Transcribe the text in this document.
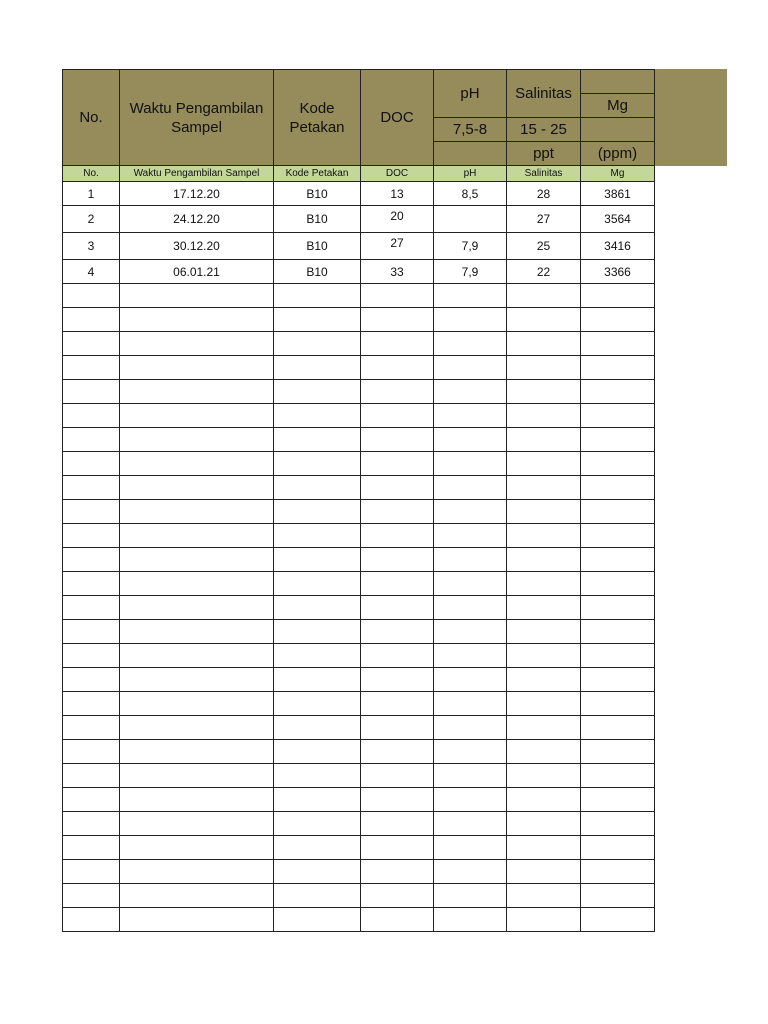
No.	Waktu Pengambilan Sampel	Kode Petakan	DOC	pH	Salinitas	
						Mg
				7,5-8	15 - 25	
					ppt	(ppm)
No.	Waktu Pengambilan Sampel	Kode Petakan	DOC	pH	Salinitas	Mg
1	17.12.20	B10	13	8,5	28	3861
2	24.12.20	B10	20		27	3564
3	30.12.20	B10	27	7,9	25	3416
4	06.01.21	B10	33	7,9	22	3366
